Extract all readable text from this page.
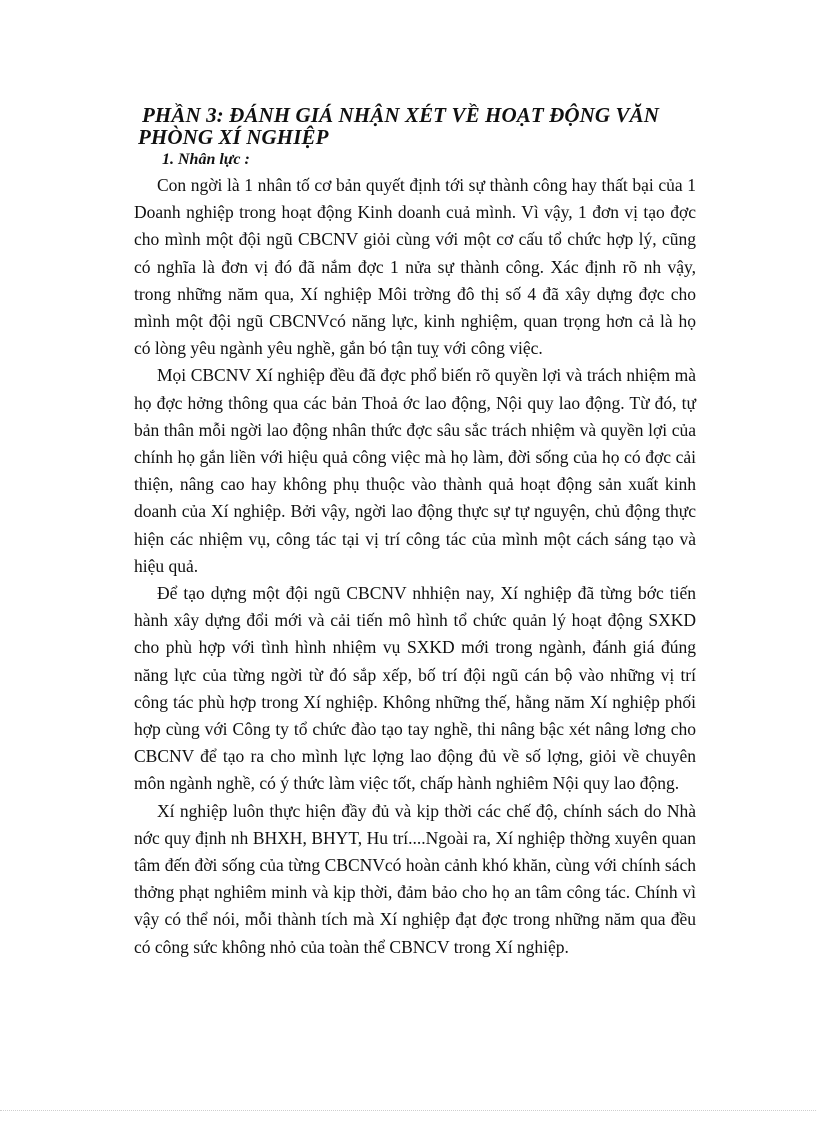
PHẦN 3: ĐÁNH GIÁ NHẬN XÉT VỀ HOẠT ĐỘNG VĂN
PHÒNG XÍ NGHIỆP
1. Nhân lực :

Con ngời là 1 nhân tố cơ bản quyết định tới sự thành công hay thất bại của 1 Doanh nghiệp trong hoạt động Kinh doanh cuả mình. Vì vậy, 1 đơn vị tạo đợc cho mình một đội ngũ CBCNV giỏi cùng với một cơ cấu tổ chức hợp lý, cũng có nghĩa là đơn vị đó đã nắm đợc 1 nửa sự thành công. Xác định rõ nh vậy, trong những năm qua, Xí nghiệp Môi trờng đô thị số 4 đã xây dựng đợc cho mình một đội ngũ CBCNVcó năng lực, kinh nghiệm, quan trọng hơn cả là họ có lòng yêu ngành yêu nghề, gắn bó tận tuỵ với công việc.

Mọi CBCNV Xí nghiệp đều đã đợc phổ biến rõ quyền lợi và trách nhiệm mà họ đợc hởng thông qua các bản Thoả ớc lao động, Nội quy lao động. Từ đó, tự bản thân mỗi ngời lao động nhân thức đợc sâu sắc trách nhiệm và quyền lợi của chính họ gắn liền với hiệu quả công việc mà họ làm, đời sống của họ có đợc cải thiện, nâng cao hay không phụ thuộc vào thành quả hoạt động sản xuất kinh doanh của Xí nghiệp. Bởi vậy, ngời lao động thực sự tự nguyện, chủ động thực hiện các nhiệm vụ, công tác tại vị trí công tác của mình một cách sáng tạo và hiệu quả.

Để tạo dựng một đội ngũ CBCNV nhhiện nay, Xí nghiệp đã từng bớc tiến hành xây dựng đổi mới và cải tiến mô hình tổ chức quản lý hoạt động SXKD cho phù hợp với tình hình nhiệm vụ SXKD mới trong ngành, đánh giá đúng năng lực của từng ngời từ đó sắp xếp, bố trí đội ngũ cán bộ vào những vị trí công tác phù hợp trong Xí nghiệp. Không những thế, hằng năm Xí nghiệp phối hợp cùng với Công ty tổ chức đào tạo tay nghề, thi nâng bậc xét nâng lơng cho CBCNV để tạo ra cho mình lực lợng lao động đủ về số lợng, giỏi về chuyên môn ngành nghề, có ý thức làm việc tốt, chấp hành nghiêm Nội quy lao động.

Xí nghiệp luôn thực hiện đầy đủ và kịp thời các chế độ, chính sách do Nhà nớc quy định nh BHXH, BHYT, Hu trí....Ngoài ra, Xí nghiệp thờng xuyên quan tâm đến đời sống của từng CBCNVcó hoàn cảnh khó khăn, cùng với chính sách thởng phạt nghiêm minh và kịp thời, đảm bảo cho họ an tâm công tác. Chính vì vậy có thể nói, mỗi thành tích mà Xí nghiệp đạt đợc trong những năm qua đều có công sức không nhỏ của toàn thể CBNCV trong Xí nghiệp.
